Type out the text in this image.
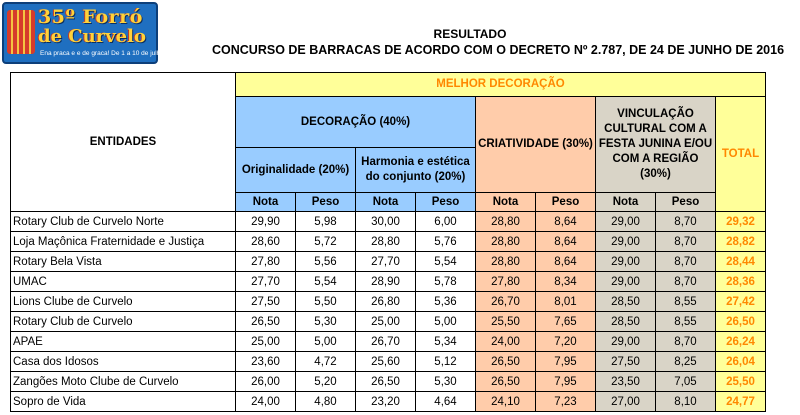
35º Forró
de Curvelo
Ena praca e e de graca! De 1 a 10 de julho de 2016
RESULTADO
CONCURSO DE BARRACAS DE ACORDO COM O DECRETO Nº 2.787, DE 24 DE JUNHO DE 2016
ENTIDADES	MELHOR DECORAÇÃO								
	DECORAÇÃO (40%)				CRIATIVIDADE (30%)		VINCULAÇÃO CULTURAL COM A FESTA JUNINA E/OU COM A REGIÃO (30%)		TOTAL
	Originalidade (20%)		Harmonia e estética do conjunto (20%)						
	Nota	Peso	Nota	Peso	Nota	Peso	Nota	Peso	
Rotary Club de Curvelo Norte	29,90	5,98	30,00	6,00	28,80	8,64	29,00	8,70	29,32
Loja Maçônica Fraternidade e Justiça	28,60	5,72	28,80	5,76	28,80	8,64	29,00	8,70	28,82
Rotary Bela Vista	27,80	5,56	27,70	5,54	28,80	8,64	29,00	8,70	28,44
UMAC	27,70	5,54	28,90	5,78	27,80	8,34	29,00	8,70	28,36
Lions Clube de Curvelo	27,50	5,50	26,80	5,36	26,70	8,01	28,50	8,55	27,42
Rotary Club de Curvelo	26,50	5,30	25,00	5,00	25,50	7,65	28,50	8,55	26,50
APAE	25,00	5,00	26,70	5,34	24,00	7,20	29,00	8,70	26,24
Casa dos Idosos	23,60	4,72	25,60	5,12	26,50	7,95	27,50	8,25	26,04
Zangões Moto Clube de Curvelo	26,00	5,20	26,50	5,30	26,50	7,95	23,50	7,05	25,50
Sopro de Vida	24,00	4,80	23,20	4,64	24,10	7,23	27,00	8,10	24,77
